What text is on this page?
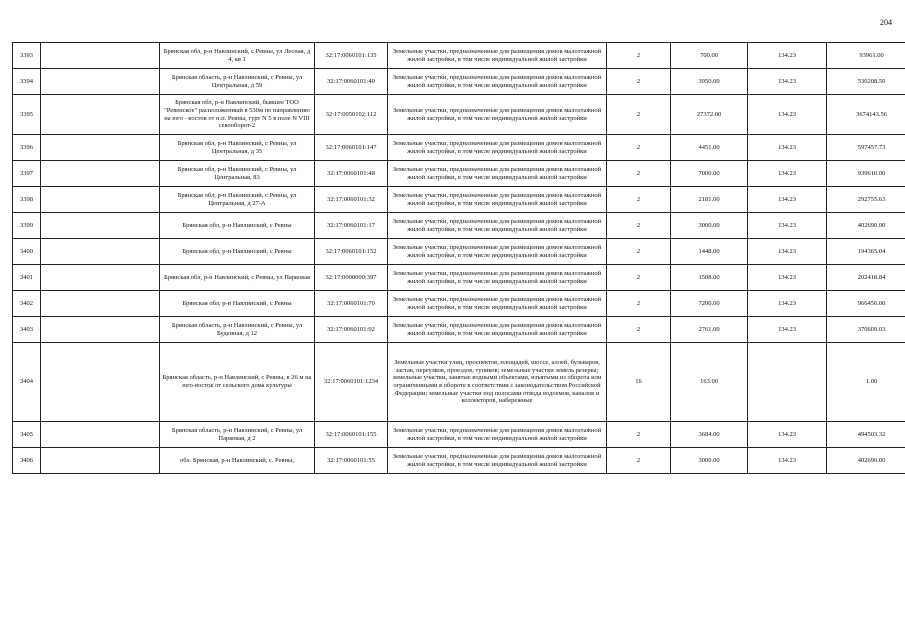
204
3393		Брянская обл, р-н Навлинский, с Ревны, ул Лесная, д 4, кв 1	32:17:0060101:135	Земельные участки, предназначенные для размещения домов малоэтажной жилой застройки, в том числе индивидуальной жилой застройки	2	700.00	134.23	93961.00
3394		Брянская область, р-н Навлинский, с Ревны, ул Центральная, д 59	32:17:0060101:40	Земельные участки, предназначенные для размещения домов малоэтажной жилой застройки, в том числе индивидуальной жилой застройки	2	3950.00	134.23	530208.50
3395		Брянская обл, р-н Навлинский, бывшее ТОО "Ревенское" расположенный в 530м по направлению на юго - восток от н.п. Ревны, гурт N 5 в поле N VIII севооборот-2	32:17:0050102:112	Земельные участки, предназначенные для размещения домов малоэтажной жилой застройки, в том числе индивидуальной жилой застройки	2	27372.00	134.23	3674143.56
3396		Брянская обл, р-н Навлинский, с Ревны, ул Центральная, д 35	32:17:0060101:147	Земельные участки, предназначенные для размещения домов малоэтажной жилой застройки, в том числе индивидуальной жилой застройки	2	4451.00	134.23	597457.73
3397		Брянская обл, р-н Навлинский, с Ревны, ул Центральная, 83	32:17:0060101:48	Земельные участки, предназначенные для размещения домов малоэтажной жилой застройки, в том числе индивидуальной жилой застройки	2	7000.00	134.23	939610.00
3398		Брянская обл, р-н Навлинский, с Ревны, ул Центральная, д 27-А	32:17:0060101:32	Земельные участки, предназначенные для размещения домов малоэтажной жилой застройки, в том числе индивидуальной жилой застройки	2	2181.00	134.23	292755.63
3399		Брянская обл, р-н Навлинский, с Ревны	32:17:0060101:17	Земельные участки, предназначенные для размещения домов малоэтажной жилой застройки, в том числе индивидуальной жилой застройки	2	3000.00	134.23	402690.00
3400		Брянская обл, р-н Навлинский, с Ревны	32:17:0060101:152	Земельные участки, предназначенные для размещения домов малоэтажной жилой застройки, в том числе индивидуальной жилой застройки	2	1448.00	134.23	194365.04
3401		Брянская обл, р-н Навлинский, с Ревны, ул Парковая	32:17:0000000:397	Земельные участки, предназначенные для размещения домов малоэтажной жилой застройки, в том числе индивидуальной жилой застройки	2	1508.00	134.23	202418.84
3402		Брянская обл, р-н Навлинский, с Ревны	32:17:0060101:70	Земельные участки, предназначенные для размещения домов малоэтажной жилой застройки, в том числе индивидуальной жилой застройки	2	7200.00	134.23	966456.00
3403		Брянская область, р-н Навлинский, с Ревны, ул Буденная, д 12	32:17:0060101:92	Земельные участки, предназначенные для размещения домов малоэтажной жилой застройки, в том числе индивидуальной жилой застройки	2	2761.00	134.23	370609.03
3404		Брянская область, р-н Навлинский, с Ревны, в 26 м на юго-восток от сельского дома культуры	32:17:0060101:1234	Земельные участки улиц, проспектов, площадей, шоссе, аллей, бульваров, застав, переулков, проездов, тупиков; земельные участки земель резерва; земельные участки, занятые водными объектами, изъятыми из оборота или ограниченными в обороте в соответствии с законодательством Российской Федерации; земельные участки под полосами отвода водоемов, каналов и коллекторов, набережные	16	163.00		1.00
3405		Брянская область, р-н Навлинский, с Ревны, ул Парковая, д 2	32:17:0060101:155	Земельные участки, предназначенные для размещения домов малоэтажной жилой застройки, в том числе индивидуальной жилой застройки	2	3684.00	134.23	494503.32
3406		обл. Брянская, р-н Навлинский, с. Ревны,	32:17:0060101:55	Земельные участки, предназначенные для размещения домов малоэтажной жилой застройки, в том числе индивидуальной жилой застройки	2	3000.00	134.23	402690.00
